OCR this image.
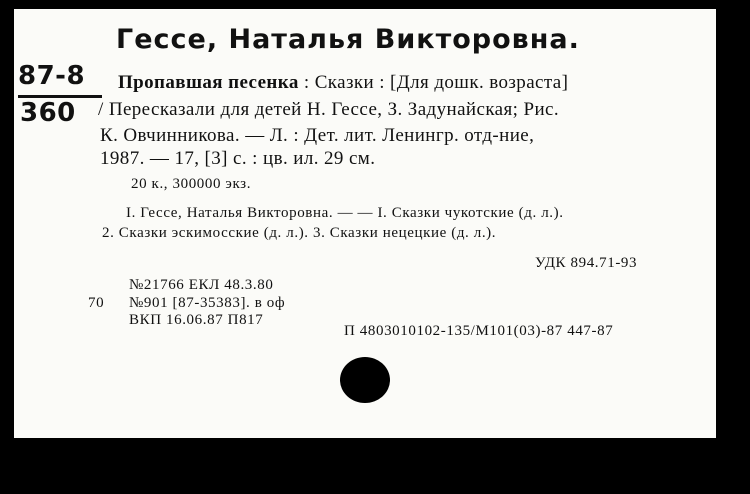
Гессе, Наталья Викторовна.
87-8
360
Пропавшая песенка : Сказки : [Для дошк. возраста]
/ Пересказали для детей Н. Гессе, З. Задунайская; Рис.
К. Овчинникова. — Л. : Дет. лит. Ленингр. отд-ние,
1987. — 17, [3] с. : цв. ил. 29 см.
20 к., 300000 экз.
I. Гессе, Наталья Викторовна. — — I. Сказки чукотские (д. л.).
2. Сказки эскимосские (д. л.). 3. Сказки нецецкие (д. л.).
УДК 894.71-93
№21766 ЕКЛ 48.3.80
70 №901 [87-35383]. в оф
ВКП 16.06.87 П817
П 4803010102-135/М101(03)-87 447-87
